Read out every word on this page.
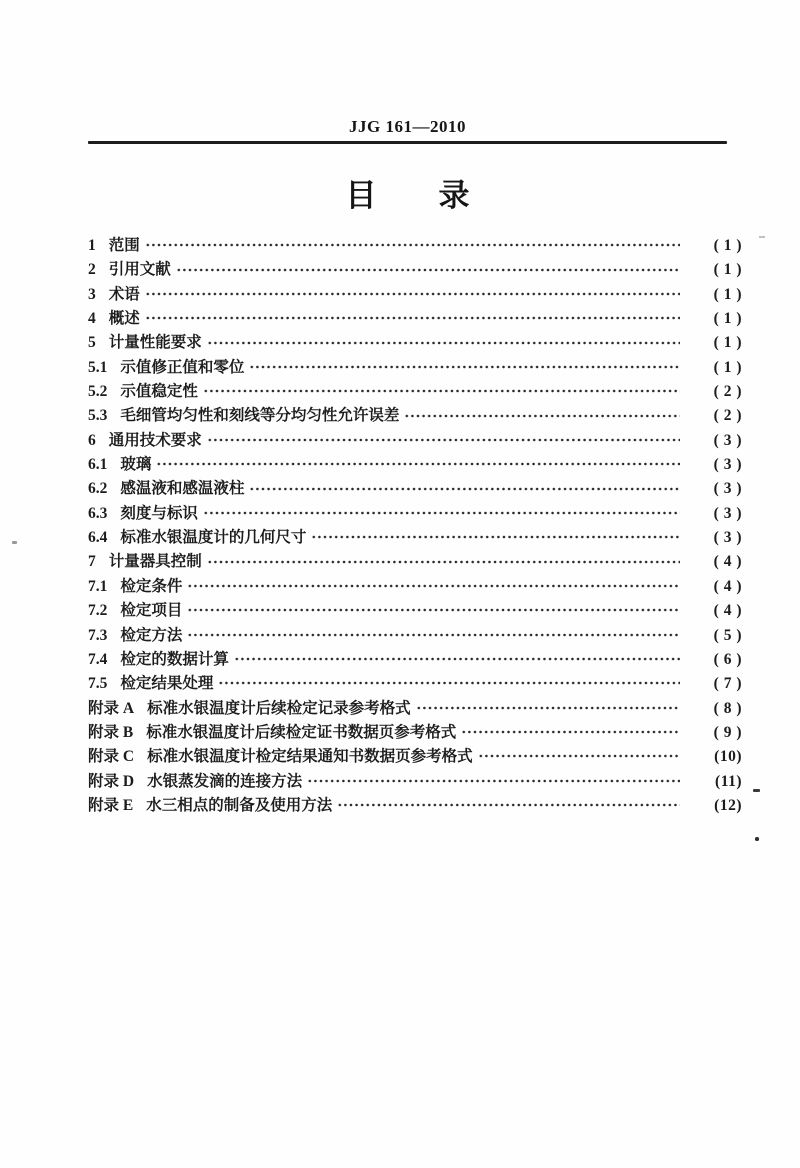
JJG 161—2010
目　　录
1 范围	( 1 )
2 引用文献	( 1 )
3 术语	( 1 )
4 概述	( 1 )
5 计量性能要求	( 1 )
5.1 示值修正值和零位	( 1 )
5.2 示值稳定性	( 2 )
5.3 毛细管均匀性和刻线等分均匀性允许误差	( 2 )
6 通用技术要求	( 3 )
6.1 玻璃	( 3 )
6.2 感温液和感温液柱	( 3 )
6.3 刻度与标识	( 3 )
6.4 标准水银温度计的几何尺寸	( 3 )
7 计量器具控制	( 4 )
7.1 检定条件	( 4 )
7.2 检定项目	( 4 )
7.3 检定方法	( 5 )
7.4 检定的数据计算	( 6 )
7.5 检定结果处理	( 7 )
附录 A 标准水银温度计后续检定记录参考格式	( 8 )
附录 B 标准水银温度计后续检定证书数据页参考格式	( 9 )
附录 C 标准水银温度计检定结果通知书数据页参考格式	(10)
附录 D 水银蒸发滴的连接方法	(11)
附录 E 水三相点的制备及使用方法	(12)
